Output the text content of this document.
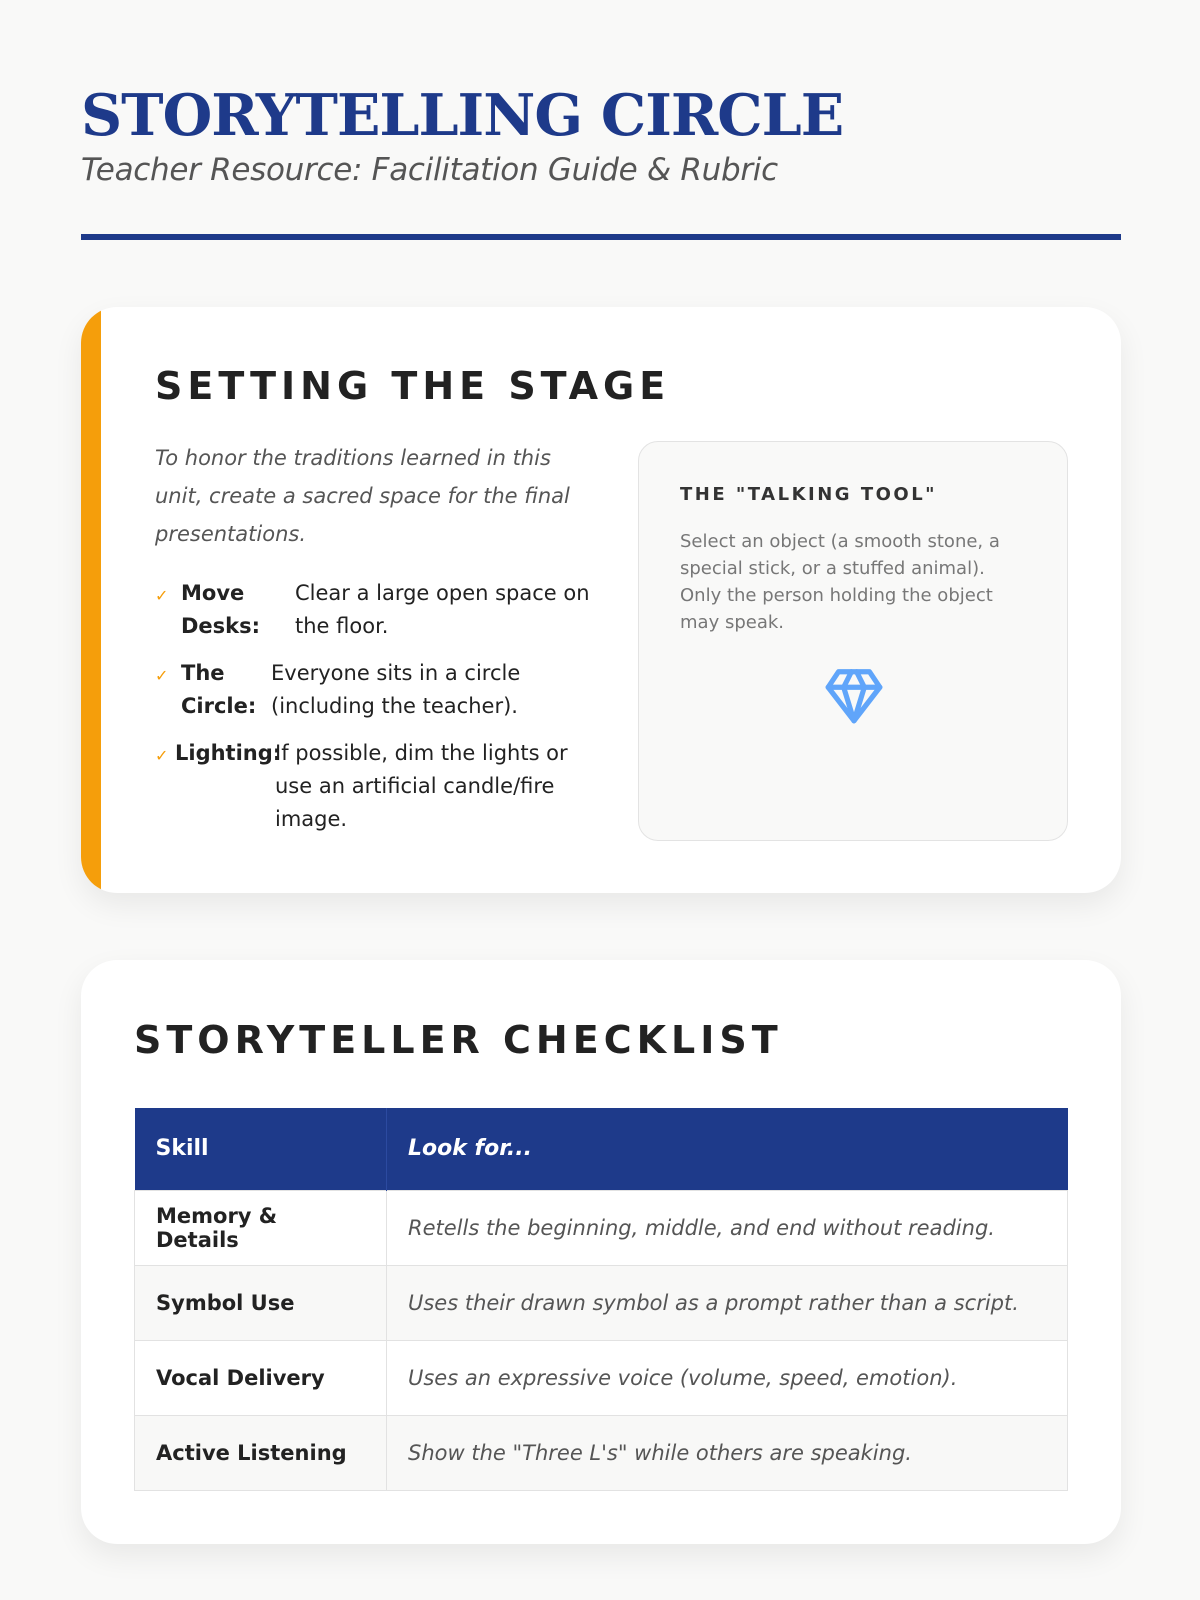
STORYTELLING CIRCLE
Teacher Resource: Facilitation Guide & Rubric
SETTING THE STAGE

To honor the traditions learned in this unit, create a sacred space for the final presentations.

✓ Move Desks:
Clear a large open space on the floor.
✓ The Circle:
Everyone sits in a circle (including the teacher).
✓ Lighting:
If possible, dim the lights or use an artificial candle/fire image.
THE "TALKING TOOL"
Select an object (a smooth stone, a special stick, or a stuffed animal). Only the person holding the object may speak.
STORYTELLER CHECKLIST
Skill	Look for...
Memory & Details	Retells the beginning, middle, and end without reading.
Symbol Use	Uses their drawn symbol as a prompt rather than a script.
Vocal Delivery	Uses an expressive voice (volume, speed, emotion).
Active Listening	Show the "Three L's" while others are speaking.
